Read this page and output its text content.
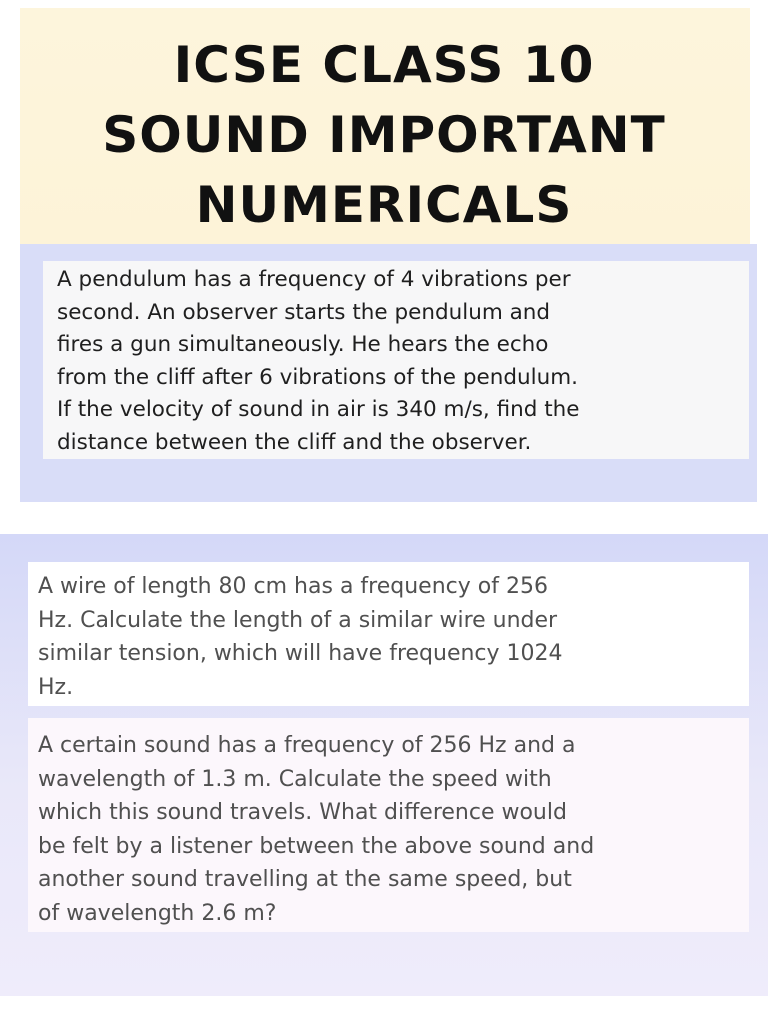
ICSE CLASS 10
SOUND IMPORTANT
NUMERICALS

A pendulum has a frequency of 4 vibrations per
second. An observer starts the pendulum and
fires a gun simultaneously. He hears the echo
from the cliff after 6 vibrations of the pendulum.
If the velocity of sound in air is 340 m/s, find the
distance between the cliff and the observer.

A wire of length 80 cm has a frequency of 256
Hz. Calculate the length of a similar wire under
similar tension, which will have frequency 1024
Hz.

A certain sound has a frequency of 256 Hz and a
wavelength of 1.3 m. Calculate the speed with
which this sound travels. What difference would
be felt by a listener between the above sound and
another sound travelling at the same speed, but
of wavelength 2.6 m?
